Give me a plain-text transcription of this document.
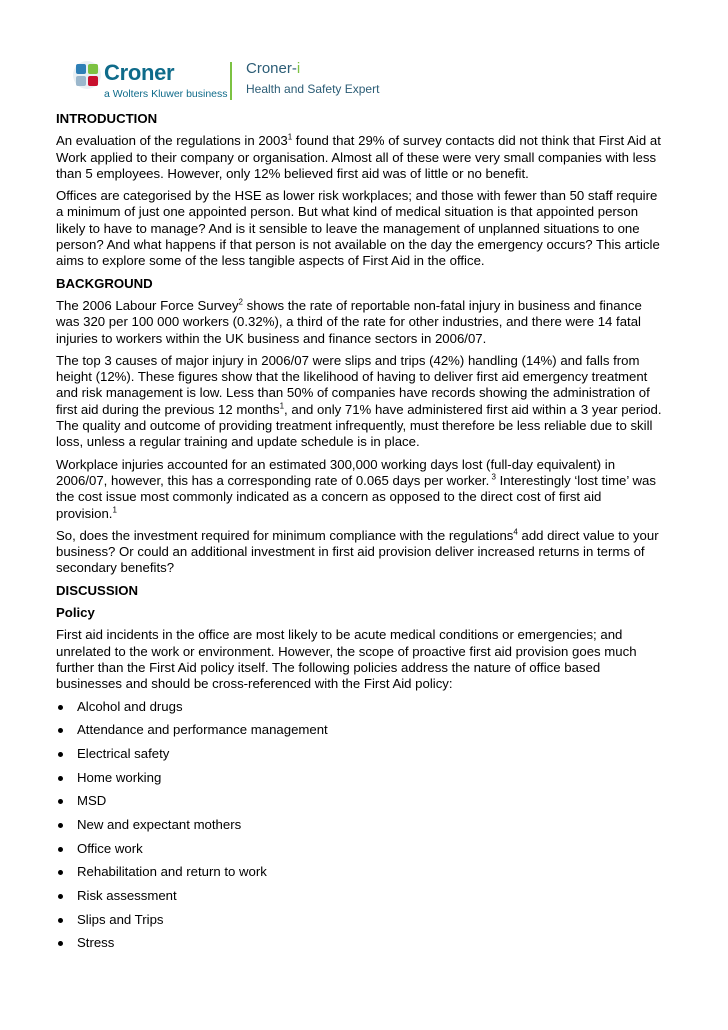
Croner
a Wolters Kluwer business
Croner-i
Health and Safety Expert
INTRODUCTION

An evaluation of the regulations in 2003$^1$ found that 29% of survey contacts did not think that First Aid at Work applied to their company or organisation. Almost all of these were very small companies with less than 5 employees. However, only 12% believed first aid was of little or no benefit.

Offices are categorised by the HSE as lower risk workplaces; and those with fewer than 50 staff require a minimum of just one appointed person. But what kind of medical situation is that appointed person likely to have to manage? And is it sensible to leave the management of unplanned situations to one person? And what happens if that person is not available on the day the emergency occurs? This article aims to explore some of the less tangible aspects of First Aid in the office.

BACKGROUND

The 2006 Labour Force Survey$^2$ shows the rate of reportable non-fatal injury in business and finance was 320 per 100 000 workers (0.32%), a third of the rate for other industries, and there were 14 fatal injuries to workers within the UK business and finance sectors in 2006/07.

The top 3 causes of major injury in 2006/07 were slips and trips (42%) handling (14%) and falls from height (12%). These figures show that the likelihood of having to deliver first aid emergency treatment and risk management is low. Less than 50% of companies have records showing the administration of first aid during the previous 12 months$^1$, and only 71% have administered first aid within a 3 year period. The quality and outcome of providing treatment infrequently, must therefore be less reliable due to skill loss, unless a regular training and update schedule is in place.

Workplace injuries accounted for an estimated 300,000 working days lost (full-day equivalent) in 2006/07, however, this has a corresponding rate of 0.065 days per worker. $^3$ Interestingly ‘lost time’ was the cost issue most commonly indicated as a concern as opposed to the direct cost of first aid provision.$^1$

So, does the investment required for minimum compliance with the regulations$^4$ add direct value to your business? Or could an additional investment in first aid provision deliver increased returns in terms of secondary benefits?

DISCUSSION
Policy

First aid incidents in the office are most likely to be acute medical conditions or emergencies; and unrelated to the work or environment. However, the scope of proactive first aid provision goes much further than the First Aid policy itself. The following policies address the nature of office based businesses and should be cross-referenced with the First Aid policy:

Alcohol and drugs
Attendance and performance management
Electrical safety
Home working
MSD
New and expectant mothers
Office work
Rehabilitation and return to work
Risk assessment
Slips and Trips
Stress
